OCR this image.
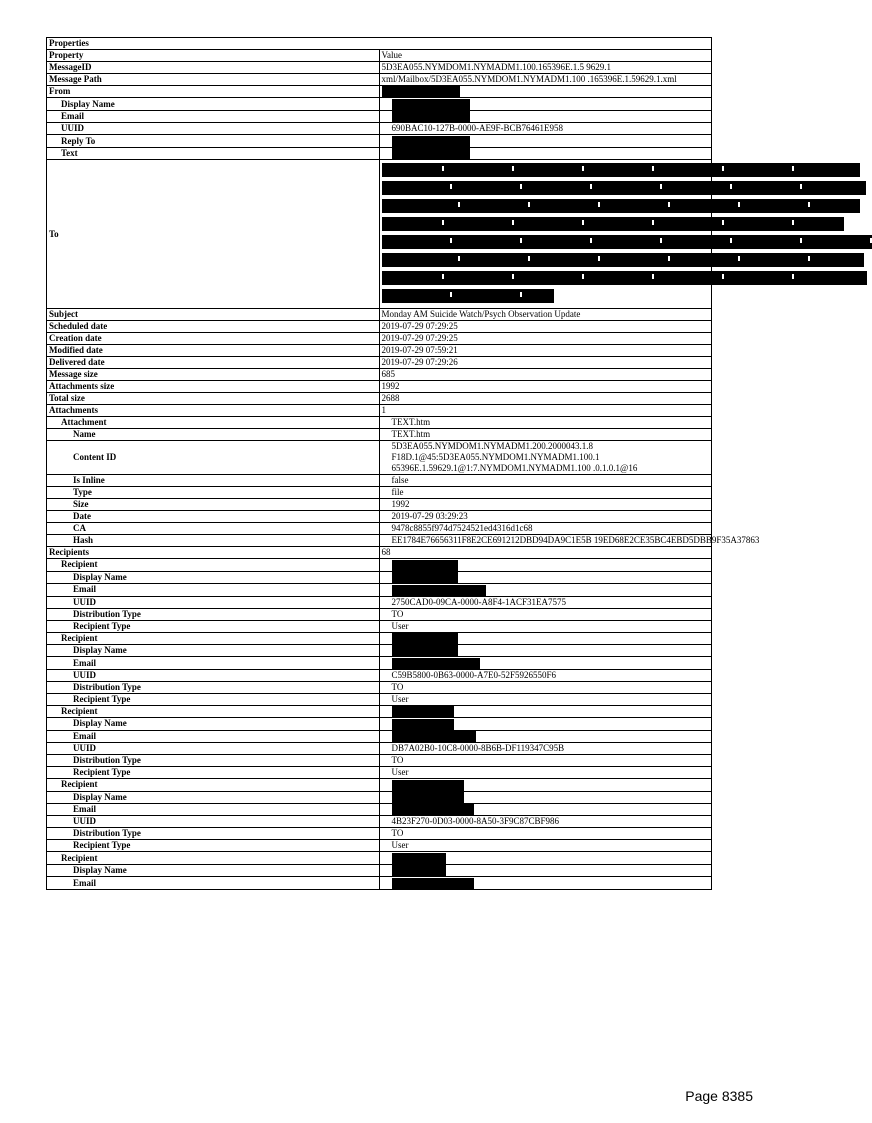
Properties	
Property	Value
MessageID	5D3EA055.NYMDOM1.NYMADM1.100.165396E.1.5 9629.1
Message Path	xml/Mailbox/5D3EA055.NYMDOM1.NYMADM1.100 .165396E.1.59629.1.xml
From	
Display Name	
Email	
UUID	690BAC10-127B-0000-AE9F-BCB76461E958
Reply To	
Text	
To	

Subject	Monday AM Suicide Watch/Psych Observation Update
Scheduled date	2019-07-29 07:29:25
Creation date	2019-07-29 07:29:25
Modified date	2019-07-29 07:59:21
Delivered date	2019-07-29 07:29:26
Message size	685
Attachments size	1992
Total size	2688
Attachments	1
Attachment	TEXT.htm
Name	TEXT.htm
Content ID	5D3EA055.NYMDOM1.NYMADM1.200.2000043.1.8
F18D.1@45:5D3EA055.NYMDOM1.NYMADM1.100.1
65396E.1.59629.1@1:7.NYMDOM1.NYMADM1.100 .0.1.0.1@16

Is Inline	false
Type	file
Size	1992
Date	2019-07-29 03:29:23
CA	9478c8855f974d7524521ed4316d1c68
Hash	EE1784E76656311F8E2CE691212DBD94DA9C1E5B 19ED68E2CE35BC4EBD5DBB9F35A37863
Recipients	68
Recipient	
Display Name	
Email	
UUID	2750CAD0-09CA-0000-A8F4-1ACF31EA7575
Distribution Type	TO
Recipient Type	User
Recipient	
Display Name	
Email	
UUID	C59B5800-0B63-0000-A7E0-52F5926550F6
Distribution Type	TO
Recipient Type	User
Recipient	
Display Name	
Email	
UUID	DB7A02B0-10C8-0000-8B6B-DF119347C95B
Distribution Type	TO
Recipient Type	User
Recipient	
Display Name	
Email	
UUID	4B23F270-0D03-0000-8A50-3F9C87CBF986
Distribution Type	TO
Recipient Type	User
Recipient	
Display Name	
Email	
Page 8385
